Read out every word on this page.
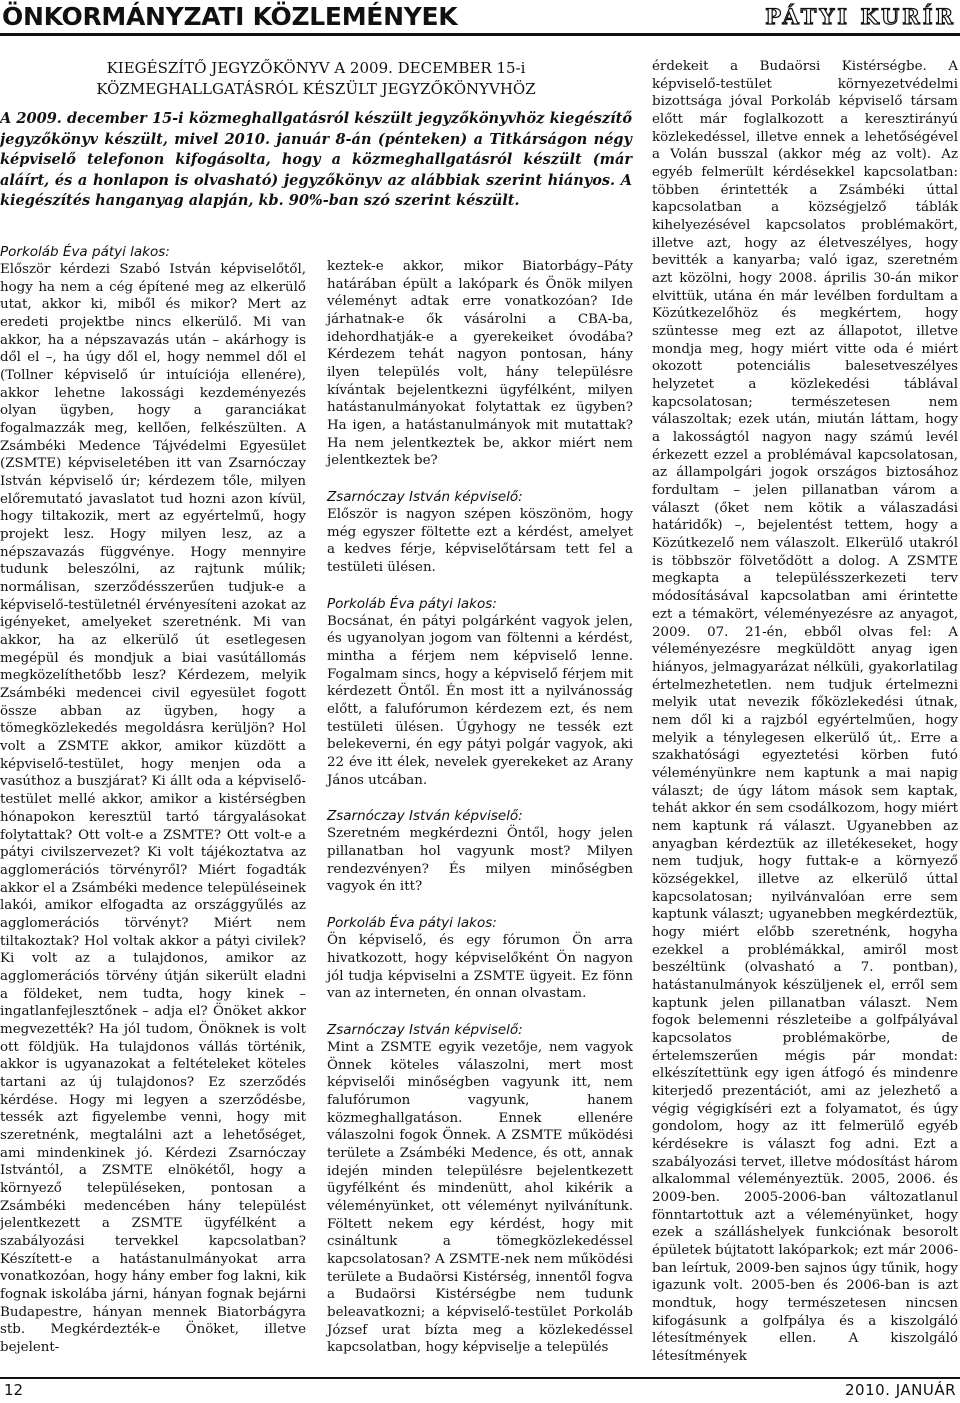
ÖNKORMÁNYZATI KÖZLEMÉNYEK	PÁTYI KURÍR

KIEGÉSZÍTŐ JEGYZŐKÖNYV A 2009. DECEMBER 15-i
KÖZMEGHALLGATÁSRÓL KÉSZÜLT JEGYZŐKÖNYVHÖZ

A 2009. december 15-i közmeghallgatásról készült jegyzőkönyvhöz kiegészítő jegyzőkönyv készült, mivel 2010. január 8-án (pénteken) a Titkárságon négy képviselő telefonon kifogásolta, hogy a közmeghallgatásról készült (már aláírt, és a honlapon is olvasható) jegyzőkönyv az alábbiak szerint hiányos. A kiegészítés hanganyag alapján, kb. 90%-ban szó szerint készült.

Porkoláb Éva pátyi lakos:

Először kérdezi Szabó István képviselőtől, hogy ha nem a cég építené meg az elkerülő utat, akkor ki, miből és mikor? Mert az eredeti projektbe nincs elkerülő. Mi van akkor, ha a népszavazás után – akárhogy is dől el –, ha úgy dől el, hogy nemmel dől el (Tollner képviselő úr intuíciója ellenére), akkor lehetne lakossági kezdeményezés olyan ügyben, hogy a garanciákat fogalmazzák meg, kellően, felkészülten. A Zsámbéki Medence Tájvédelmi Egyesület (ZSMTE) képviseletében itt van Zsarnóczay István képviselő úr; kérdezem tőle, milyen előremutató javaslatot tud hozni azon kívül, hogy tiltakozik, mert az egyértelmű, hogy projekt lesz. Hogy milyen lesz, az a népszavazás függvénye. Hogy mennyire tudunk beleszólni, az rajtunk múlik; normálisan, szerződésszerűen tudjuk-e a képviselő-testületnél érvényesíteni azokat az igényeket, amelyeket szeretnénk. Mi van akkor, ha az elkerülő út esetlegesen megépül és mondjuk a biai vasútállomás megközelíthetőbb lesz? Kérdezem, melyik Zsámbéki medencei civil egyesület fogott össze abban az ügyben, hogy a tömegközlekedés megoldásra kerüljön? Hol volt a ZSMTE akkor, amikor küzdött a képviselő-testület, hogy menjen oda a vasúthoz a buszjárat? Ki állt oda a képviselő-testület mellé akkor, amikor a kistérségben hónapokon keresztül tartó tárgyalásokat folytattak? Ott volt-e a ZSMTE? Ott volt-e a pátyi civilszervezet? Ki volt tájékoztatva az agglomerációs törvényről? Miért fogadták akkor el a Zsámbéki medence településeinek lakói, amikor elfogadta az országgyűlés az agglomerációs törvényt? Miért nem tiltakoztak? Hol voltak akkor a pátyi civilek? Ki volt az a tulajdonos, amikor az agglomerációs törvény útján sikerült eladni a földeket, nem tudta, hogy kinek – ingatlanfejlesztőnek – adja el? Önöket akkor megvezették? Ha jól tudom, Önöknek is volt ott földjük. Ha tulajdonos vállás történik, akkor is ugyanazokat a feltételeket köteles tartani az új tulajdonos? Ez szerződés kérdése. Hogy mi legyen a szerződésbe, tessék azt figyelembe venni, hogy mit szeretnénk, megtalálni azt a lehetőséget, ami mindenkinek jó. Kérdezi Zsarnóczay Istvántól, a ZSMTE elnökétől, hogy a környező településeken, pontosan a Zsámbéki medencében hány települést jelentkezett a ZSMTE ügyfélként a szabályozási tervekkel kapcsolatban? Készített-e a hatástanulmányokat arra vonatkozóan, hogy hány ember fog lakni, kik fognak iskolába járni, hányan fognak bejárni Budapestre, hányan mennek Biatorbágyra stb. Megkérdezték-e Önöket, illetve bejelent-

keztek-e akkor, mikor Biatorbágy–Páty határában épült a lakópark és Önök milyen véleményt adtak erre vonatkozóan? Ide járhatnak-e ők vásárolni a CBA-ba, idehordhatják-e a gyerekeiket óvodába? Kérdezem tehát nagyon pontosan, hány ilyen település volt, hány településre kívántak bejelentkezni ügyfélként, milyen hatástanulmányokat folytattak ez ügyben? Ha igen, a hatástanulmányok mit mutattak? Ha nem jelentkeztek be, akkor miért nem jelentkeztek be?

Zsarnóczay István képviselő:

Először is nagyon szépen köszönöm, hogy még egyszer föltette ezt a kérdést, amelyet a kedves férje, képviselőtársam tett fel a testületi ülésen.

Porkoláb Éva pátyi lakos:

Bocsánat, én pátyi polgárként vagyok jelen, és ugyanolyan jogom van föltenni a kérdést, mintha a férjem nem képviselő lenne. Fogalmam sincs, hogy a képviselő férjem mit kérdezett Öntől. Én most itt a nyilvánosság előtt, a falufórumon kérdezem ezt, és nem testületi ülésen. Úgyhogy ne tessék ezt belekeverni, én egy pátyi polgár vagyok, aki 22 éve itt élek, nevelek gyerekeket az Arany János utcában.

Zsarnóczay István képviselő:

Szeretném megkérdezni Öntől, hogy jelen pillanatban hol vagyunk most? Milyen rendezvényen? És milyen minőségben vagyok én itt?

Porkoláb Éva pátyi lakos:

Ön képviselő, és egy fórumon Ön arra hivatkozott, hogy képviselőként Ön nagyon jól tudja képviselni a ZSMTE ügyeit. Ez fönn van az interneten, én onnan olvastam.

Zsarnóczay István képviselő:

Mint a ZSMTE egyik vezetője, nem vagyok Önnek köteles válaszolni, mert most képviselői minőségben vagyunk itt, nem falufórumon vagyunk, hanem közmeghallgatáson. Ennek ellenére válaszolni fogok Önnek. A ZSMTE működési területe a Zsámbéki Medence, és ott, annak idején minden településre bejelentkezett ügyfélként és mindenütt, ahol kikérik a véleményünket, ott véleményt nyilvánítunk. Föltett nekem egy kérdést, hogy mit csináltunk a tömegközlekedéssel kapcsolatosan? A ZSMTE-nek nem működési területe a Budaörsi Kistérség, innentől fogva a Budaörsi Kistérségbe nem tudunk beleavatkozni; a képviselő-testület Porkoláb József urat bízta meg a közlekedéssel kapcsolatban, hogy képviselje a település

érdekeit a Budaörsi Kistérségbe. A képviselő-testület környezetvédelmi bizottsága jóval Porkoláb képviselő társam előtt már foglalkozott a keresztirányú közlekedéssel, illetve ennek a lehetőségével a Volán busszal (akkor még az volt). Az egyéb felmerült kérdésekkel kapcsolatban: többen érintették a Zsámbéki úttal kapcsolatban a községjelző táblák kihelyezésével kapcsolatos problémakört, illetve azt, hogy az életveszélyes, hogy bevitték a kanyarba; való igaz, szeretném azt közölni, hogy 2008. április 30-án mikor elvittük, utána én már levélben fordultam a Közútkezelőhöz és megkértem, hogy szüntesse meg ezt az állapotot, illetve mondja meg, hogy miért vitte oda é miért okozott potenciális balesetveszélyes helyzetet a közlekedési táblával kapcsolatosan; természetesen nem válaszoltak; ezek után, miután láttam, hogy a lakosságtól nagyon nagy számú levél érkezett ezzel a problémával kapcsolatosan, az állampolgári jogok országos biztosához fordultam – jelen pillanatban várom a választ (őket nem kötik a válaszadási határidők) –, bejelentést tettem, hogy a Közútkezelő nem válaszolt. Elkerülő utakról is többször fölvetődött a dolog. A ZSMTE megkapta a településszerkezeti terv módosításával kapcsolatban ami érintette ezt a témakört, véleményezésre az anyagot, 2009. 07. 21-én, ebből olvas fel: A véleményezésre megküldött anyag igen hiányos, jelmagyarázat nélküli, gyakorlatilag értelmezhetetlen. nem tudjuk értelmezni melyik utat nevezik főközlekedési útnak, nem dől ki a rajzból egyértelműen, hogy melyik a ténylegesen elkerülő út,. Erre a szakhatósági egyeztetési körben futó véleményünkre nem kaptunk a mai napig választ; de úgy látom mások sem kaptak, tehát akkor én sem csodálkozom, hogy miért nem kaptunk rá választ. Ugyanebben az anyagban kérdeztük az illetékeseket, hogy nem tudjuk, hogy futtak-e a környező községekkel, illetve az elkerülő úttal kapcsolatosan; nyilvánvalóan erre sem kaptunk választ; ugyanebben megkérdeztük, hogy miért előbb szeretnénk, hogyha ezekkel a problémákkal, amiről most beszéltünk (olvasható a 7. pontban), hatástanulmányok készüljenek el, erről sem kaptunk jelen pillanatban választ. Nem fogok belemenni részleteibe a golfpályával kapcsolatos problémakörbe, de értelemszerűen mégis pár mondat: elkészítettünk egy igen átfogó és mindenre kiterjedő prezentációt, ami az jelezhető a végig végigkíséri ezt a folyamatot, és úgy gondolom, hogy az itt felmerülő egyéb kérdésekre is választ fog adni. Ezt a szabályozási tervet, illetve módosítást három alkalommal véleményeztük. 2005, 2006. és 2009-ben. 2005-2006-ban változatlanul fönntartottuk azt a véleményünket, hogy ezek a szálláshelyek funkciónak besorolt épületek bújtatott lakóparkok; ezt már 2006-ban leírtuk, 2009-ben sajnos úgy tűnik, hogy igazunk volt. 2005-ben és 2006-ban is azt mondtuk, hogy természetesen nincsen kifogásunk a golfpálya és a kiszolgáló létesítmények ellen. A kiszolgáló létesítmények

12	2010. JANUÁR
